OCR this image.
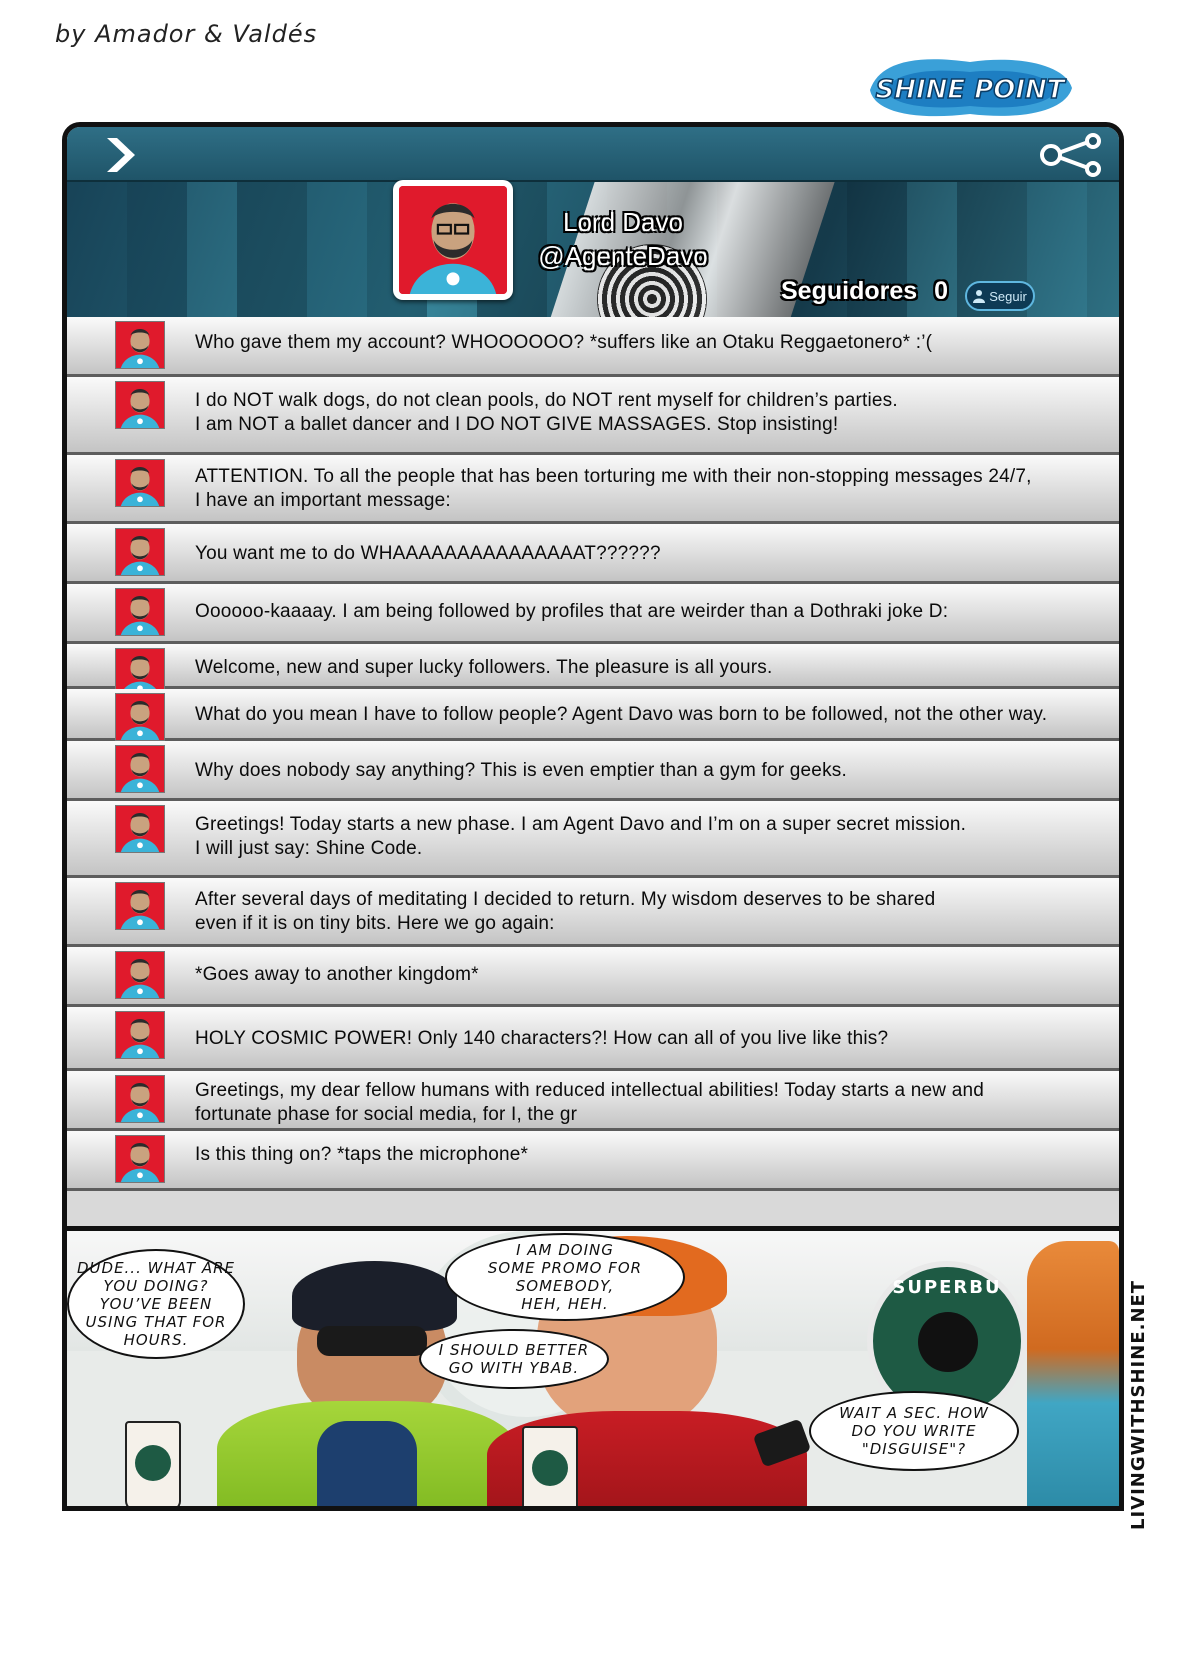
by Amador & Valdés
SHINE POINT
Lord Davo
@AgenteDavo
Seguidores 0	Seguir
Who gave them my account? WHOOOOOO? *suffers like an Otaku Reggaetonero* :’(
I do NOT walk dogs, do not clean pools, do NOT rent myself for children’s parties.
I am NOT a ballet dancer and I DO NOT GIVE MASSAGES. Stop insisting!
ATTENTION. To all the people that has been torturing me with their non-stopping messages 24/7,
I have an important message:
You want me to do WHAAAAAAAAAAAAAAAT??????
Oooooo-kaaaay. I am being followed by profiles that are weirder than a Dothraki joke D:
Welcome, new and super lucky followers. The pleasure is all yours.
What do you mean I have to follow people? Agent Davo was born to be followed, not the other way.
Why does nobody say anything? This is even emptier than a gym for geeks.
Greetings! Today starts a new phase. I am Agent Davo and I’m on a super secret mission.
I will just say: Shine Code.
After several days of meditating I decided to return. My wisdom deserves to be shared
even if it is on tiny bits. Here we go again:
*Goes away to another kingdom*
HOLY COSMIC POWER! Only 140 characters?! How can all of you live like this?
Greetings, my dear fellow humans with reduced intellectual abilities! Today starts a new and
fortunate phase for social media, for I, the gr
Is this thing on? *taps the microphone*
SUPERBU
DUDE... WHAT ARE
YOU DOING?
YOU’VE BEEN
USING THAT FOR
HOURS.
I AM DOING
SOME PROMO FOR
SOMEBODY,
HEH, HEH.
I SHOULD BETTER
GO WITH YBAB.
WAIT A SEC. HOW
DO YOU WRITE
"DISGUISE"?	LIVINGWITHSHINE.NET
